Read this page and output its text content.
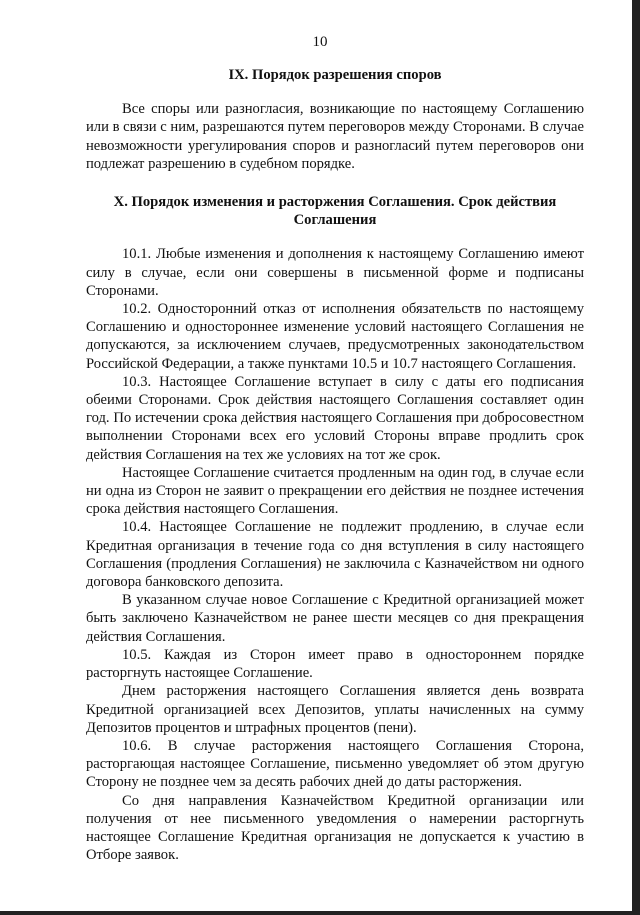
10

IX. Порядок разрешения споров

Все споры или разногласия, возникающие по настоящему Соглашению или в связи с ним, разрешаются путем переговоров между Сторонами. В случае невозможности урегулирования споров и разногласий путем переговоров они подлежат разрешению в судебном порядке.

X. Порядок изменения и расторжения Соглашения. Срок действия
Соглашения

10.1. Любые изменения и дополнения к настоящему Соглашению имеют силу в случае, если они совершены в письменной форме и подписаны Сторонами.

10.2. Односторонний отказ от исполнения обязательств по настоящему Соглашению и одностороннее изменение условий настоящего Соглашения не допускаются, за исключением случаев, предусмотренных законодательством Российской Федерации, а также пунктами 10.5 и 10.7 настоящего Соглашения.

10.3. Настоящее Соглашение вступает в силу с даты его подписания обеими Сторонами. Срок действия настоящего Соглашения составляет один год. По истечении срока действия настоящего Соглашения при добросовестном выполнении Сторонами всех его условий Стороны вправе продлить срок действия Соглашения на тех же условиях на тот же срок.

Настоящее Соглашение считается продленным на один год, в случае если ни одна из Сторон не заявит о прекращении его действия не позднее истечения срока действия настоящего Соглашения.

10.4. Настоящее Соглашение не подлежит продлению, в случае если Кредитная организация в течение года со дня вступления в силу настоящего Соглашения (продления Соглашения) не заключила с Казначейством ни одного договора банковского депозита.

В указанном случае новое Соглашение с Кредитной организацией может быть заключено Казначейством не ранее шести месяцев со дня прекращения действия Соглашения.

10.5. Каждая из Сторон имеет право в одностороннем порядке расторгнуть настоящее Соглашение.

Днем расторжения настоящего Соглашения является день возврата Кредитной организацией всех Депозитов, уплаты начисленных на сумму Депозитов процентов и штрафных процентов (пени).

10.6. В случае расторжения настоящего Соглашения Сторона, расторгающая настоящее Соглашение, письменно уведомляет об этом другую Сторону не позднее чем за десять рабочих дней до даты расторжения.

Со дня направления Казначейством Кредитной организации или получения от нее письменного уведомления о намерении расторгнуть настоящее Соглашение Кредитная организация не допускается к участию в Отборе заявок.
